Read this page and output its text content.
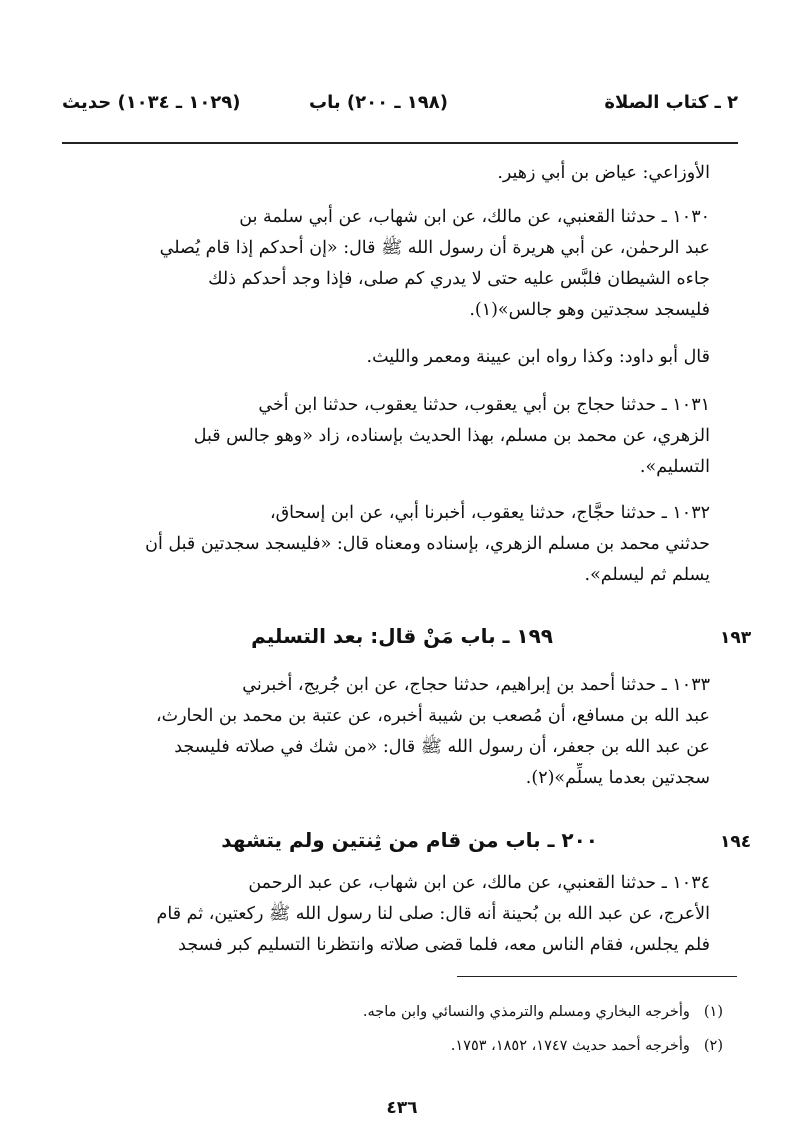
٢ ـ كتاب الصلاة
(١٩٨ ـ ٢٠٠) باب
(١٠٢٩ ـ ١٠٣٤) حديث
الأوزاعي: عياض بن أبي زهير.
١٠٣٠ ـ حدثنا القعنبي، عن مالك، عن ابن شهاب، عن أبي سلمة بن
عبد الرحمٰن، عن أبي هريرة أن رسول الله ﷺ قال: «إن أحدكم إذا قام يُصلي
جاءه الشيطان فلبَّس عليه حتى لا يدري كم صلى، فإذا وجد أحدكم ذلك
فليسجد سجدتين وهو جالس»(١).
قال أبو داود: وكذا رواه ابن عيينة ومعمر والليث.
١٠٣١ ـ حدثنا حجاج بن أبي يعقوب، حدثنا يعقوب، حدثنا ابن أخي
الزهري، عن محمد بن مسلم، بهذا الحديث بإسناده، زاد «وهو جالس قبل
التسليم».
١٠٣٢ ـ حدثنا حجَّاج، حدثنا يعقوب، أخبرنا أبي، عن ابن إسحاق،
حدثني محمد بن مسلم الزهري، بإسناده ومعناه قال: «فليسجد سجدتين قبل أن
يسلم ثم ليسلم».
١٩٣
١٩٩ ـ باب مَنْ قال: بعد التسليم
١٠٣٣ ـ حدثنا أحمد بن إبراهيم، حدثنا حجاج، عن ابن جُريج، أخبرني
عبد الله بن مسافع، أن مُصعب بن شيبة أخبره، عن عتبة بن محمد بن الحارث،
عن عبد الله بن جعفر، أن رسول الله ﷺ قال: «من شك في صلاته فليسجد
سجدتين بعدما يسلِّم»(٢).
١٩٤
٢٠٠ ـ باب من قام من ثِنتين ولم يتشهد
١٠٣٤ ـ حدثنا القعنبي، عن مالك، عن ابن شهاب، عن عبد الرحمن
الأعرج، عن عبد الله بن بُحينة أنه قال: صلى لنا رسول الله ﷺ ركعتين، ثم قام
فلم يجلس، فقام الناس معه، فلما قضى صلاته وانتظرنا التسليم كبر فسجد
(١)وأخرجه البخاري ومسلم والترمذي والنسائي وابن ماجه.
(٢)وأخرجه أحمد حديث ١٧٤٧، ١٨٥٢، ١٧٥٣.
٤٣٦
